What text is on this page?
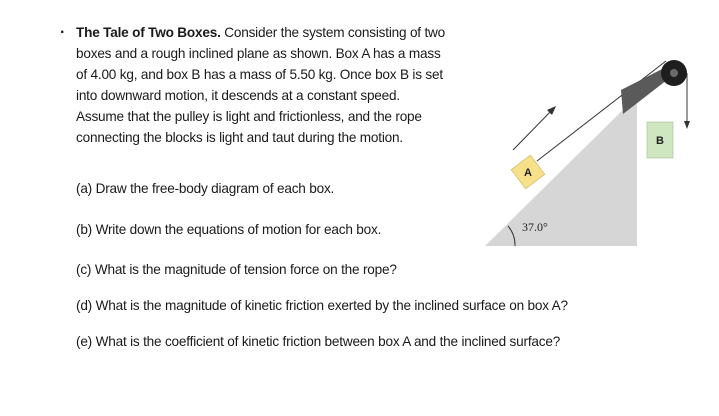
. The Tale of Two Boxes. Consider the system consisting of two boxes and a rough inclined plane as shown. Box A has a mass of 4.00 kg, and box B has a mass of 5.50 kg. Once box B is set into downward motion, it descends at a constant speed. Assume that the pulley is light and frictionless, and the rope connecting the blocks is light and taut during the motion.
(a) Draw the free-body diagram of each box.
(b) Write down the equations of motion for each box.
(c) What is the magnitude of tension force on the rope?
(d) What is the magnitude of kinetic friction exerted by the inclined surface on box A?
(e) What is the coefficient of kinetic friction between box A and the inclined surface?
A
B
37.0°
